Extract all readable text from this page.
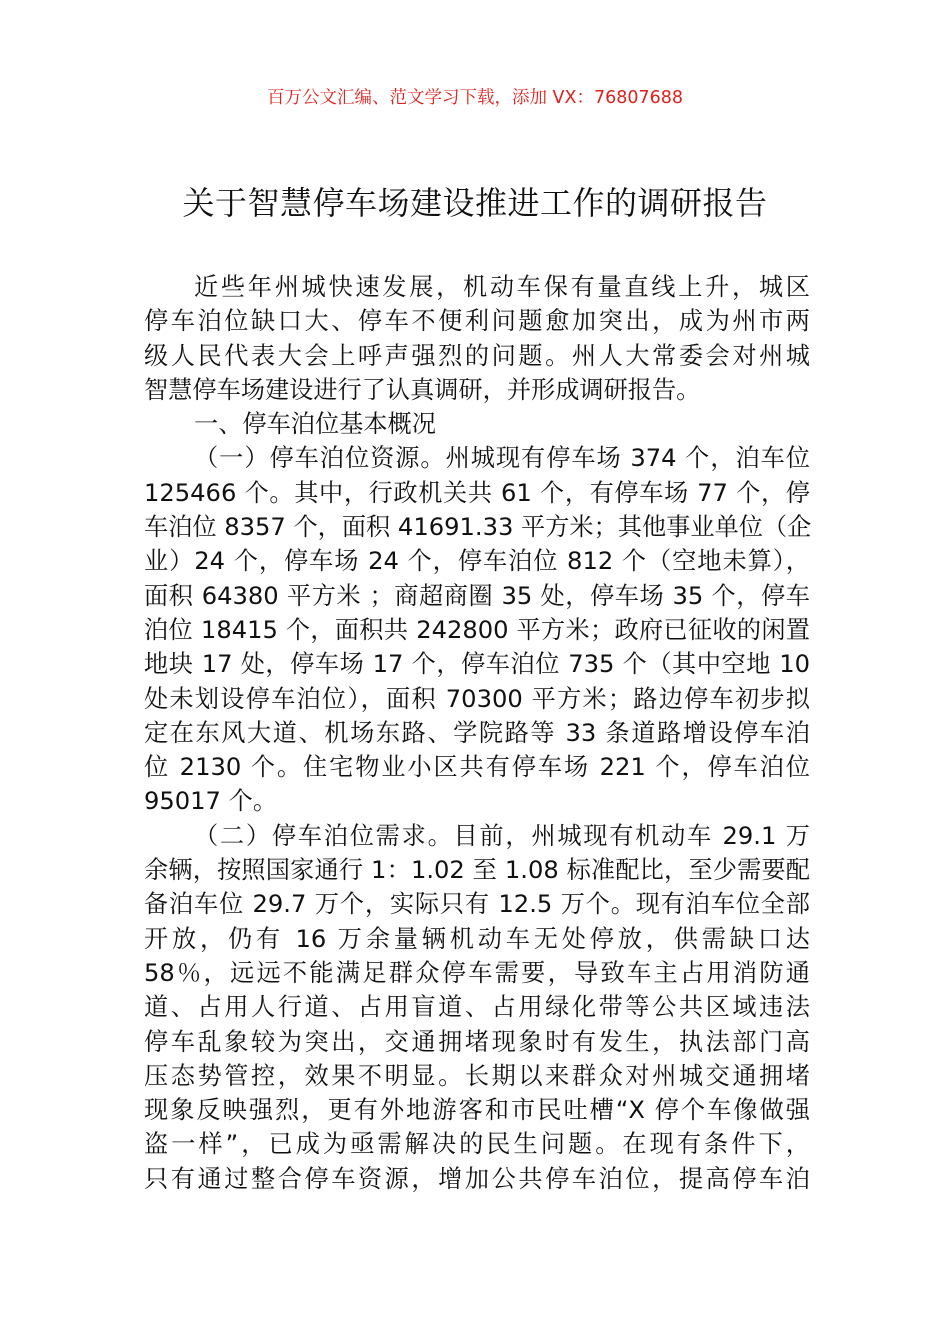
百万公文汇编、范文学习下载，添加 VX：76807688
关于智慧停车场建设推进工作的调研报告
近些年州城快速发展，机动车保有量直线上升，城区
停车泊位缺口大、停车不便利问题愈加突出，成为州市两
级人民代表大会上呼声强烈的问题。州人大常委会对州城
智慧停车场建设进行了认真调研，并形成调研报告。
一、停车泊位基本概况
（一）停车泊位资源。州城现有停车场 374 个，泊车位
125466 个。其中，行政机关共 61 个，有停车场 77 个，停
车泊位 8357 个，面积 41691.33 平方米；其他事业单位（企
业）24 个，停车场 24 个，停车泊位 812 个（空地未算），
面积 64380 平方米 ；商超商圈 35 处，停车场 35 个，停车
泊位 18415 个，面积共 242800 平方米；政府已征收的闲置
地块 17 处，停车场 17 个，停车泊位 735 个（其中空地 10
处未划设停车泊位），面积 70300 平方米；路边停车初步拟
定在东风大道、机场东路、学院路等 33 条道路增设停车泊
位 2130 个。住宅物业小区共有停车场 221 个，停车泊位
95017 个。
（二）停车泊位需求。目前，州城现有机动车 29.1 万
余辆，按照国家通行 1：1.02 至 1.08 标准配比，至少需要配
备泊车位 29.7 万个，实际只有 12.5 万个。现有泊车位全部
开放，仍有 16 万余量辆机动车无处停放，供需缺口达
58％，远远不能满足群众停车需要，导致车主占用消防通
道、占用人行道、占用盲道、占用绿化带等公共区域违法
停车乱象较为突出，交通拥堵现象时有发生，执法部门高
压态势管控，效果不明显。长期以来群众对州城交通拥堵
现象反映强烈，更有外地游客和市民吐槽“X 停个车像做强
盗一样”，已成为亟需解决的民生问题。在现有条件下，
只有通过整合停车资源，增加公共停车泊位，提高停车泊
